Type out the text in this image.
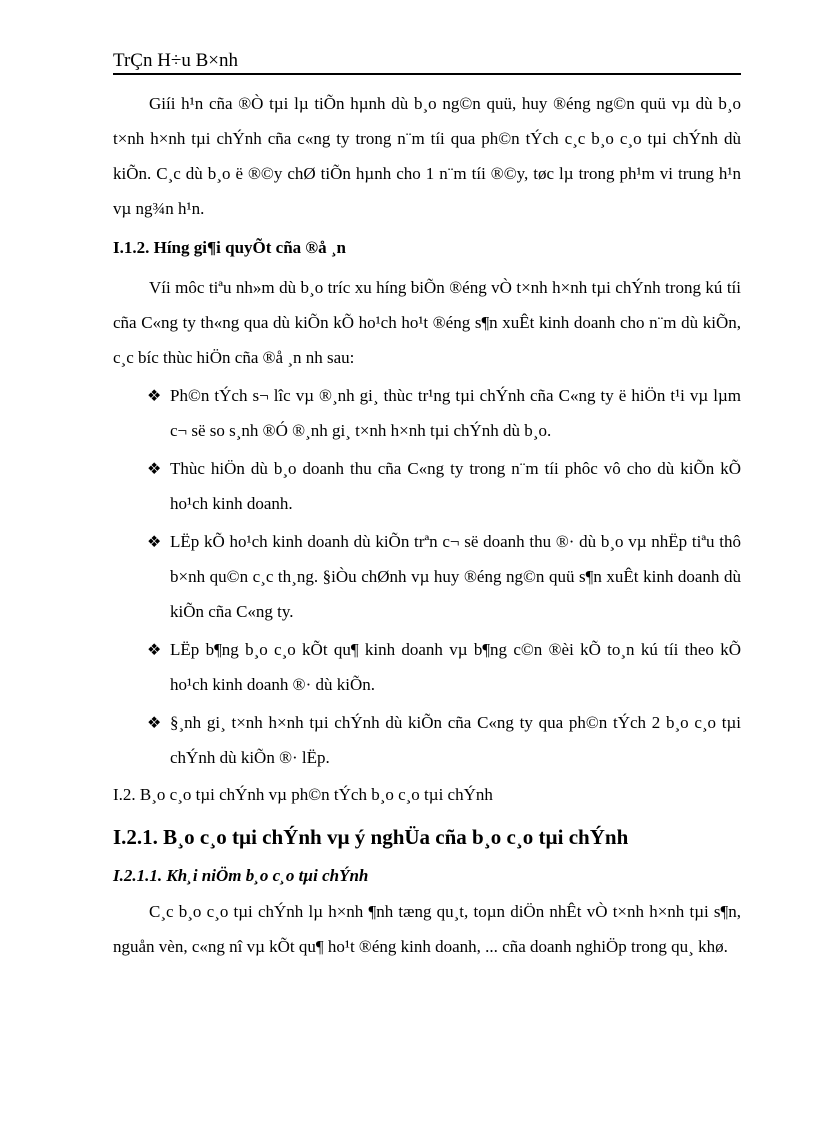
TrÇn H÷u B×nh

Giíi h¹n cña ®Ò tµi lµ tiÕn hµnh dù b¸o ng©n quü, huy ®éng ng©n quü vµ dù b¸o t×nh h×nh tµi chÝnh cña c«ng ty trong n¨m tíi qua ph©n tÝch c¸c b¸o c¸o tµi chÝnh dù kiÕn. C¸c dù b¸o ë ®©y chØ tiÕn hµnh cho 1 n¨m tíi ®©y, tøc lµ trong ph¹m vi trung h¹n vµ ng¾n h¹n.

I.1.2. Híng gi¶i quyÕt cña ®å ¸n

Víi môc tiªu nh»m dù b¸o tríc xu híng biÕn ®éng vÒ t×nh h×nh tµi chÝnh trong kú tíi cña C«ng ty th«ng qua dù kiÕn kÕ ho¹ch ho¹t ®éng s¶n xuÊt kinh doanh cho n¨m dù kiÕn, c¸c bíc thùc hiÖn cña ®å ¸n nh sau:

❖ Ph©n tÝch s¬ lîc vµ ®¸nh gi¸ thùc tr¹ng tµi chÝnh cña C«ng ty ë hiÖn t¹i vµ lµm c¬ së so s¸nh ®Ó ®¸nh gi¸ t×nh h×nh tµi chÝnh dù b¸o.
❖ Thùc hiÖn dù b¸o doanh thu cña C«ng ty trong n¨m tíi phôc vô cho dù kiÕn kÕ ho¹ch kinh doanh.
❖ LËp kÕ ho¹ch kinh doanh dù kiÕn trªn c¬ së doanh thu ®· dù b¸o vµ nhËp tiªu thô b×nh qu©n c¸c th¸ng. §iÒu chØnh vµ huy ®éng ng©n quü s¶n xuÊt kinh doanh dù kiÕn cña C«ng ty.
❖ LËp b¶ng b¸o c¸o kÕt qu¶ kinh doanh vµ b¶ng c©n ®èi kÕ to¸n kú tíi theo kÕ ho¹ch kinh doanh ®· dù kiÕn.
❖ §¸nh gi¸ t×nh h×nh tµi chÝnh dù kiÕn cña C«ng ty qua ph©n tÝch 2 b¸o c¸o tµi chÝnh dù kiÕn ®· lËp.

I.2. B¸o c¸o tµi chÝnh vµ ph©n tÝch b¸o c¸o tµi chÝnh

I.2.1. B¸o c¸o tµi chÝnh vµ ý nghÜa cña b¸o c¸o tµi chÝnh

I.2.1.1. Kh¸i niÖm b¸o c¸o tµi chÝnh

C¸c b¸o c¸o tµi chÝnh lµ h×nh ¶nh tæng qu¸t, toµn diÖn nhÊt vÒ t×nh h×nh tµi s¶n, nguån vèn, c«ng nî vµ kÕt qu¶ ho¹t ®éng kinh doanh, ... cña doanh nghiÖp trong qu¸ khø.
